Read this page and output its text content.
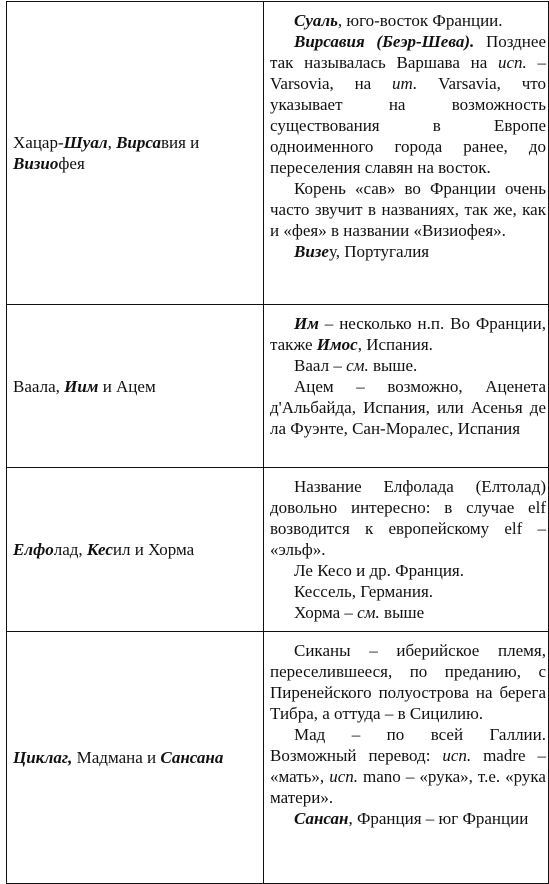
Хацар-Шуал, Вирсавия и Визиофея	Суаль, юго-восток Франции.

Вирсавия (Беэр-Шева). Позднее так называлась Варшава на исп. – Varsovia, на ит. Varsavia, что указывает на возможность существования в Европе одноименного города ранее, до переселения славян на восток.

Корень «сав» во Франции очень часто звучит в названиях, так же, как и «фея» в названии «Визиофея».

Визеу, Португалия

Ваала, Иим и Ацем	Им – несколько н.п. Во Франции, также Имос, Испания.

Ваал – см. выше.

Ацем – возможно, Аценета д'Альбайда, Испания, или Асенья де ла Фуэнте, Сан-Моралес, Испания

Елфолад, Кесил и Хорма	Название Елфолада (Елтолад) довольно интересно: в случае elf возводится к европейскому elf – «эльф».

Ле Кесо и др. Франция.

Кессель, Германия.

Хорма – см. выше

Циклаг, Мадмана и Сансана	Сиканы – иберийское племя, переселившееся, по преданию, с Пиренейского полуострова на берега Тибра, а оттуда – в Сицилию.

Мад – по всей Галлии. Возможный перевод: исп. madre – «мать», исп. mano – «рука», т.е. «рука матери».

Сансан, Франция – юг Франции
